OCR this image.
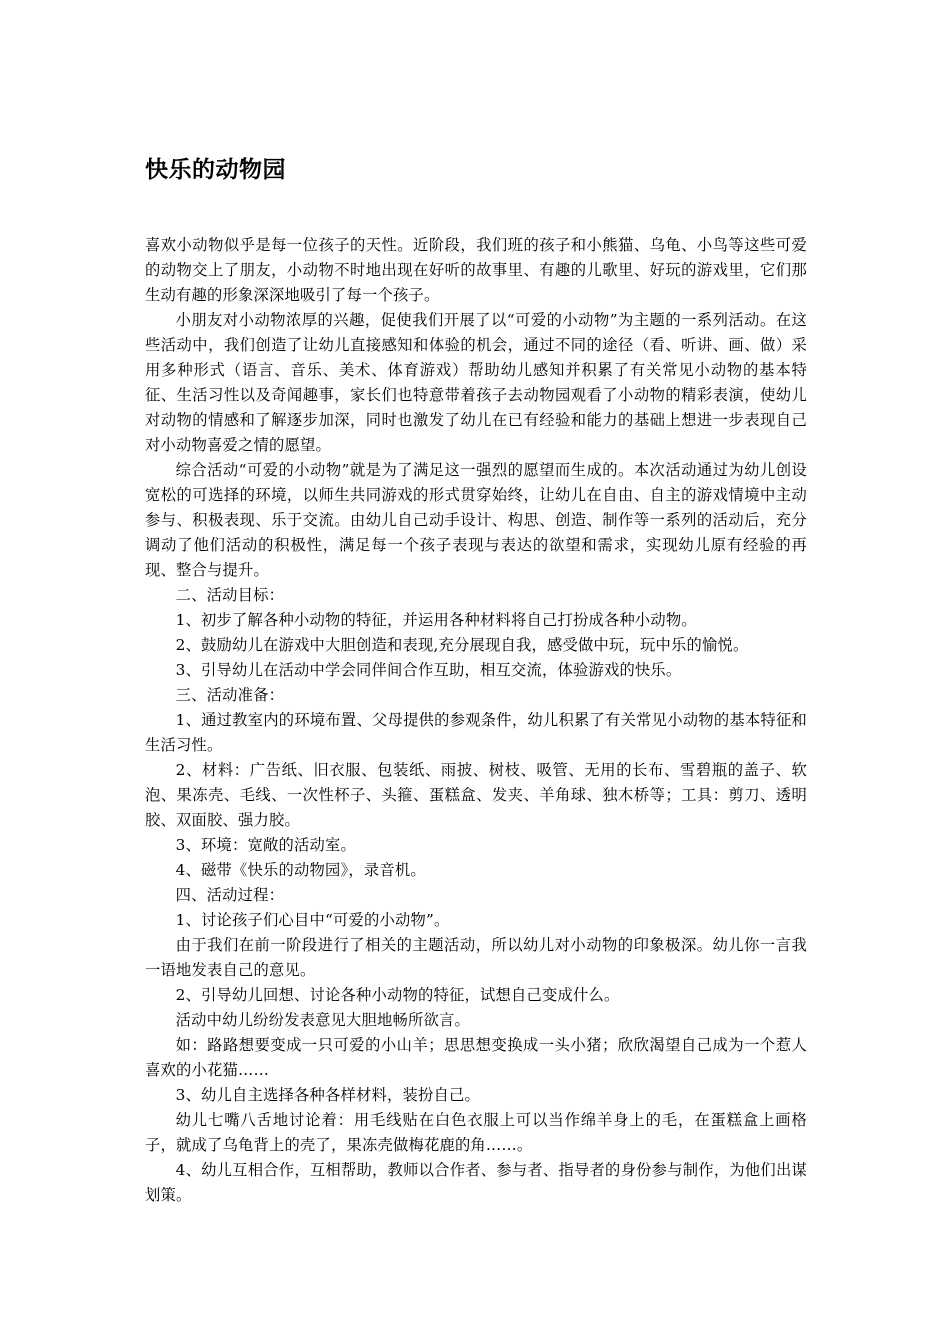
快乐的动物园

喜欢小动物似乎是每一位孩子的天性。近阶段，我们班的孩子和小熊猫、乌龟、小鸟等这些可爱的动物交上了朋友，小动物不时地出现在好听的故事里、有趣的儿歌里、好玩的游戏里，它们那生动有趣的形象深深地吸引了每一个孩子。

小朋友对小动物浓厚的兴趣，促使我们开展了以“可爱的小动物”为主题的一系列活动。在这些活动中，我们创造了让幼儿直接感知和体验的机会，通过不同的途径（看、听讲、画、做）采用多种形式（语言、音乐、美术、体育游戏）帮助幼儿感知并积累了有关常见小动物的基本特征、生活习性以及奇闻趣事，家长们也特意带着孩子去动物园观看了小动物的精彩表演，使幼儿对动物的情感和了解逐步加深，同时也激发了幼儿在已有经验和能力的基础上想进一步表现自己对小动物喜爱之情的愿望。

综合活动“可爱的小动物”就是为了满足这一强烈的愿望而生成的。本次活动通过为幼儿创设宽松的可选择的环境，以师生共同游戏的形式贯穿始终，让幼儿在自由、自主的游戏情境中主动参与、积极表现、乐于交流。由幼儿自己动手设计、构思、创造、制作等一系列的活动后，充分调动了他们活动的积极性，满足每一个孩子表现与表达的欲望和需求，实现幼儿原有经验的再现、整合与提升。

二、活动目标：

1、初步了解各种小动物的特征，并运用各种材料将自己打扮成各种小动物。

2、鼓励幼儿在游戏中大胆创造和表现,充分展现自我，感受做中玩，玩中乐的愉悦。

3、引导幼儿在活动中学会同伴间合作互助，相互交流，体验游戏的快乐。

三、活动准备：

1、通过教室内的环境布置、父母提供的参观条件，幼儿积累了有关常见小动物的基本特征和生活习性。

2、材料：广告纸、旧衣服、包装纸、雨披、树枝、吸管、无用的长布、雪碧瓶的盖子、软泡、果冻壳、毛线、一次性杯子、头箍、蛋糕盒、发夹、羊角球、独木桥等；工具：剪刀、透明胶、双面胶、强力胶。

3、环境：宽敞的活动室。

4、磁带《快乐的动物园》，录音机。

四、活动过程：

1、讨论孩子们心目中“可爱的小动物”。

由于我们在前一阶段进行了相关的主题活动，所以幼儿对小动物的印象极深。幼儿你一言我一语地发表自己的意见。

2、引导幼儿回想、讨论各种小动物的特征，试想自己变成什么。

活动中幼儿纷纷发表意见大胆地畅所欲言。

如：路路想要变成一只可爱的小山羊；思思想变换成一头小猪；欣欣渴望自己成为一个惹人喜欢的小花猫……

3、幼儿自主选择各种各样材料，装扮自己。

幼儿七嘴八舌地讨论着：用毛线贴在白色衣服上可以当作绵羊身上的毛，在蛋糕盒上画格子，就成了乌龟背上的壳了，果冻壳做梅花鹿的角……。

4、幼儿互相合作，互相帮助，教师以合作者、参与者、指导者的身份参与制作，为他们出谋划策。
